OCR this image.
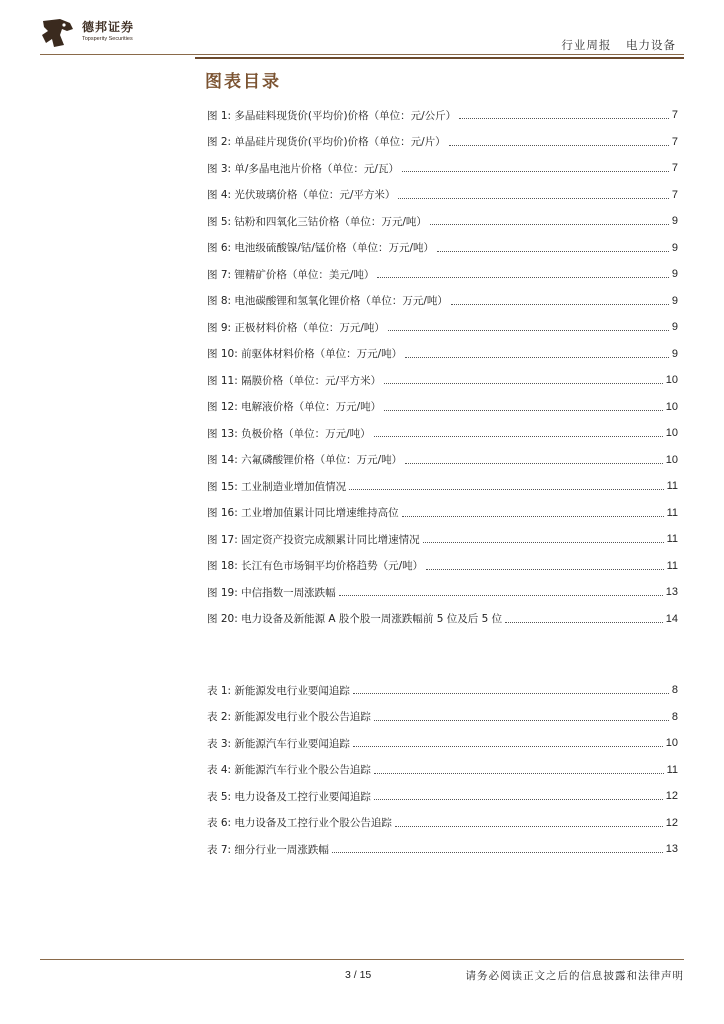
德邦证券
Topsperity Securities	行业周报 电力设备
图表目录
图 1: 多晶硅料现货价(平均价)价格（单位：元/公斤）	7
图 2: 单晶硅片现货价(平均价)价格（单位：元/片）	7
图 3: 单/多晶电池片价格（单位：元/瓦）	7
图 4: 光伏玻璃价格（单位：元/平方米）	7
图 5: 钴粉和四氧化三钴价格（单位：万元/吨）	9
图 6: 电池级硫酸镍/钴/锰价格（单位：万元/吨）	9
图 7: 锂精矿价格（单位：美元/吨）	9
图 8: 电池碳酸锂和氢氧化锂价格（单位：万元/吨）	9
图 9: 正极材料价格（单位：万元/吨）	9
图 10: 前驱体材料价格（单位：万元/吨）	9
图 11: 隔膜价格（单位：元/平方米）	10
图 12: 电解液价格（单位：万元/吨）	10
图 13: 负极价格（单位：万元/吨）	10
图 14: 六氟磷酸锂价格（单位：万元/吨）	10
图 15: 工业制造业增加值情况	11
图 16: 工业增加值累计同比增速维持高位	11
图 17: 固定资产投资完成额累计同比增速情况	11
图 18: 长江有色市场铜平均价格趋势（元/吨）	11
图 19: 中信指数一周涨跌幅	13
图 20: 电力设备及新能源 A 股个股一周涨跌幅前 5 位及后 5 位	14
表 1: 新能源发电行业要闻追踪	8
表 2: 新能源发电行业个股公告追踪	8
表 3: 新能源汽车行业要闻追踪	10
表 4: 新能源汽车行业个股公告追踪	11
表 5: 电力设备及工控行业要闻追踪	12
表 6: 电力设备及工控行业个股公告追踪	12
表 7: 细分行业一周涨跌幅	13
3 / 15	请务必阅读正文之后的信息披露和法律声明
